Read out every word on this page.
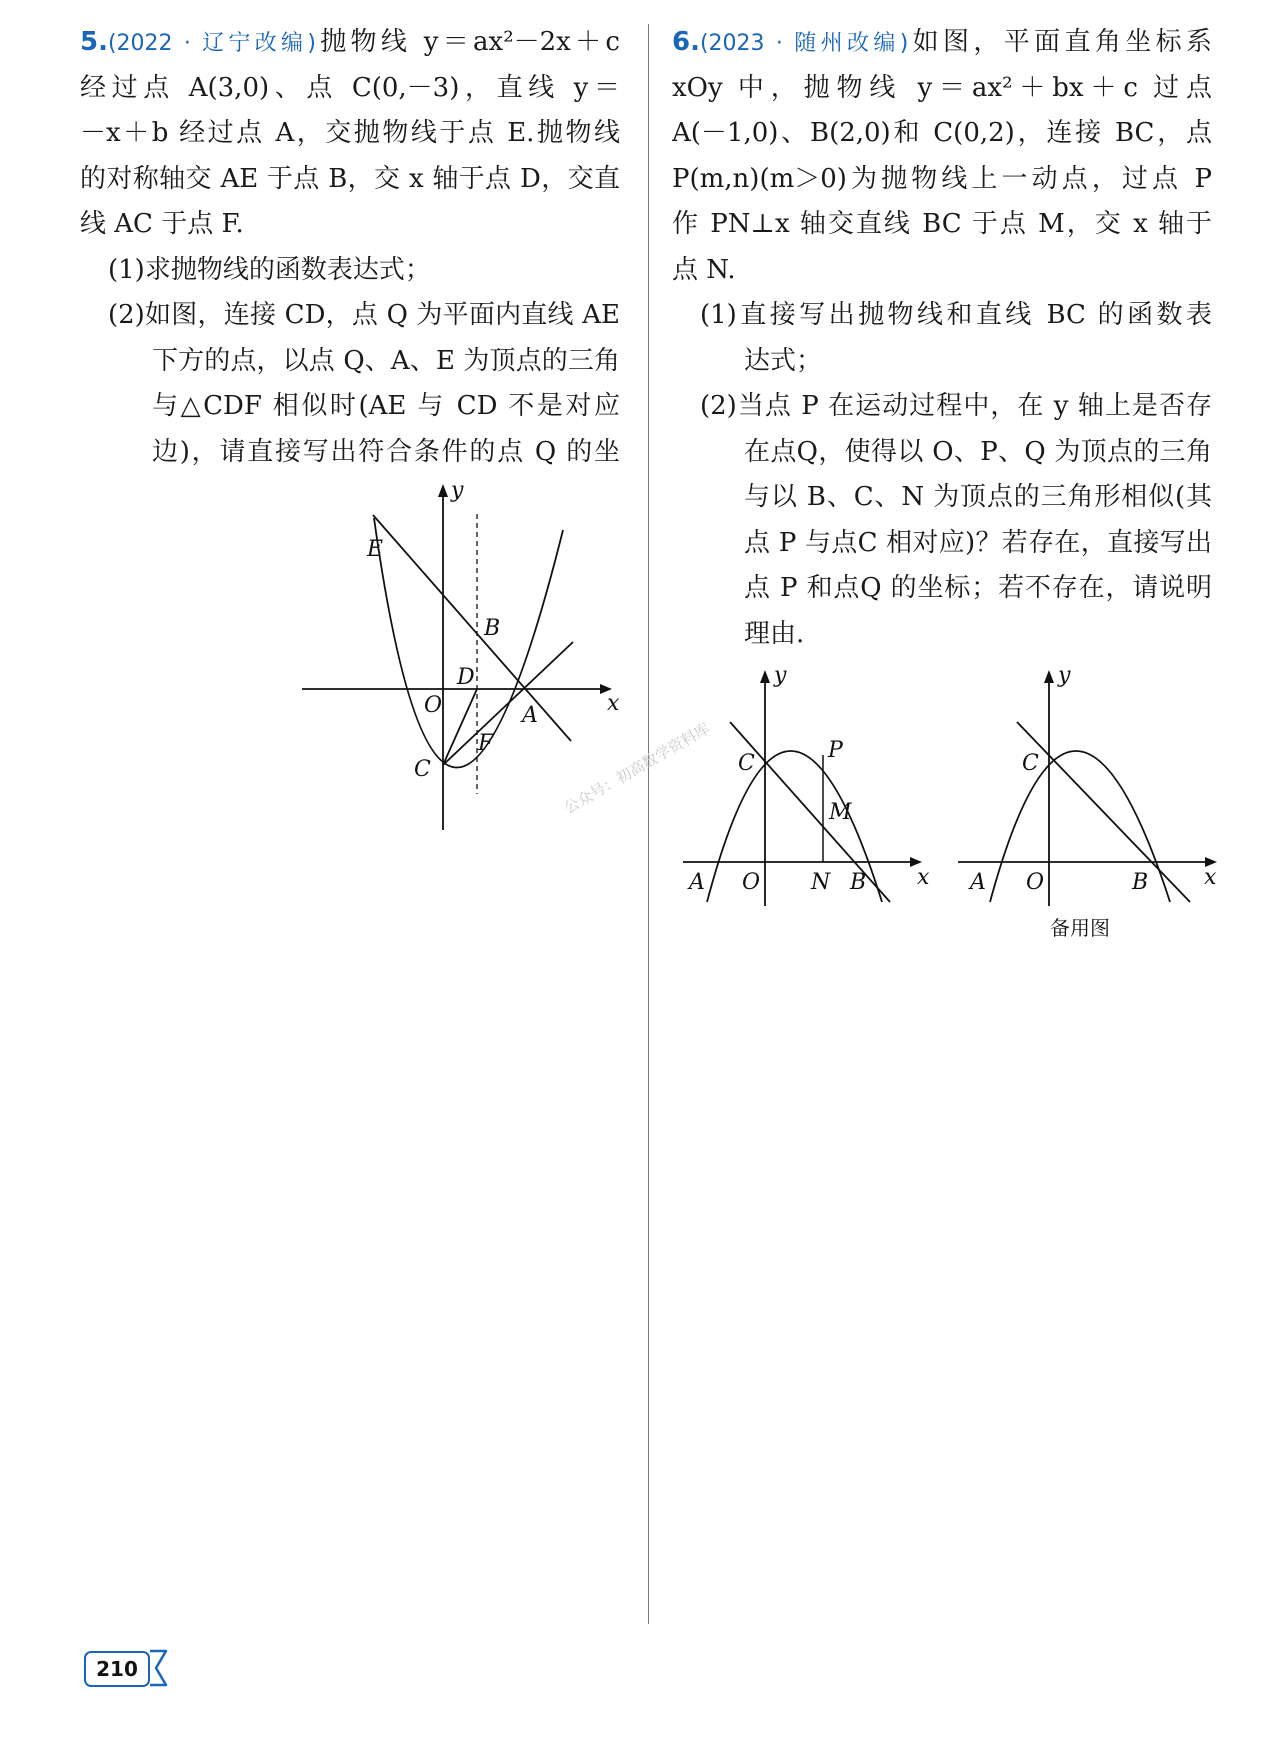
5.(2022 · 辽宁改编)抛物线 y＝ax²－2x＋c
经过点 A(3,0)、点 C(0,－3)，直线 y＝
－x＋b 经过点 A，交抛物线于点 E.抛物线
的对称轴交 AE 于点 B，交 x 轴于点 D，交直
线 AC 于点 F.
(1)求抛物线的函数表达式；
(2)如图，连接 CD，点 Q 为平面内直线 AE
下方的点，以点 Q、A、E 为顶点的三角
与△CDF 相似时(AE 与 CD 不是对应
边)，请直接写出符合条件的点 Q 的坐
y
x
E
B
D
O	A
F
C
6.(2023 · 随州改编)如图，平面直角坐标系
xOy 中，抛物线 y＝ax²＋bx＋c 过点
A(－1,0)、B(2,0)和 C(0,2)，连接 BC，点
P(m,n)(m＞0)为抛物线上一动点，过点 P
作 PN⊥x 轴交直线 BC 于点 M，交 x 轴于
点 N.
(1)直接写出抛物线和直线 BC 的函数表
达式；
(2)当点 P 在运动过程中，在 y 轴上是否存
在点Q，使得以 O、P、Q 为顶点的三角
与以 B、C、N 为顶点的三角形相似(其
点 P 与点C 相对应)？若存在，直接写出
点 P 和点Q 的坐标；若不存在，请说明
理由.
y
x
C
P
M
A O N B
y
x
C
A O	B
备用图
公众号：初高数学资料库
210
